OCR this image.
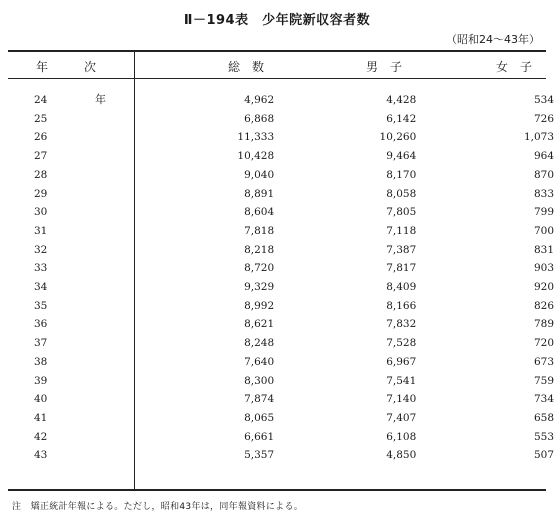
Ⅱ－194表　少年院新収容者数
（昭和24～43年）
年　　　次	総　数	男　子	女　子
24	年	4,962	4,428	534
25		6,868	6,142	726
26		11,333	10,260	1,073
27		10,428	9,464	964
28		9,040	8,170	870
29		8,891	8,058	833
30		8,604	7,805	799
31		7,818	7,118	700
32		8,218	7,387	831
33		8,720	7,817	903
34		9,329	8,409	920
35		8,992	8,166	826
36		8,621	7,832	789
37		8,248	7,528	720
38		7,640	6,967	673
39		8,300	7,541	759
40		7,874	7,140	734
41		8,065	7,407	658
42		6,661	6,108	553
43		5,357	4,850	507
注　矯正統計年報による。ただし，昭和43年は，同年報資料による。
